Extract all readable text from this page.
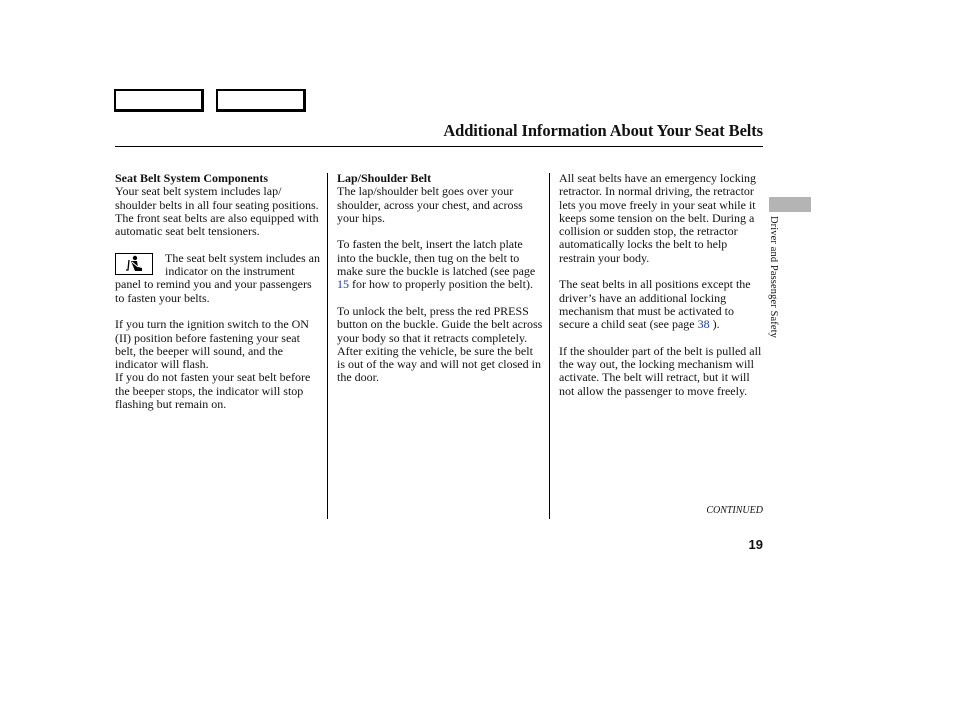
Additional Information About Your Seat Belts

Seat Belt System Components

Your seat belt system includes lap/ shoulder belts in all four seating positions. The front seat belts are also equipped with automatic seat belt tensioners.

The seat belt system includes an indicator on the instrument panel to remind you and your passengers to fasten your belts.

If you turn the ignition switch to the ON (II) position before fastening your seat belt, the beeper will sound, and the indicator will flash.

If you do not fasten your seat belt before the beeper stops, the indicator will stop flashing but remain on.

Lap/Shoulder Belt

The lap/shoulder belt goes over your shoulder, across your chest, and across your hips.

To fasten the belt, insert the latch plate into the buckle, then tug on the belt to make sure the buckle is latched (see page 15 for how to properly position the belt).

To unlock the belt, press the red PRESS button on the buckle. Guide the belt across your body so that it retracts completely. After exiting the vehicle, be sure the belt is out of the way and will not get closed in the door.

All seat belts have an emergency locking retractor. In normal driving, the retractor lets you move freely in your seat while it keeps some tension on the belt. During a collision or sudden stop, the retractor automatically locks the belt to help restrain your body.

The seat belts in all positions except the driver’s have an additional locking mechanism that must be activated to secure a child seat (see page 38 ).

If the shoulder part of the belt is pulled all the way out, the locking mechanism will activate. The belt will retract, but it will not allow the passenger to move freely.

Driver and Passenger Safety
CONTINUED
19
